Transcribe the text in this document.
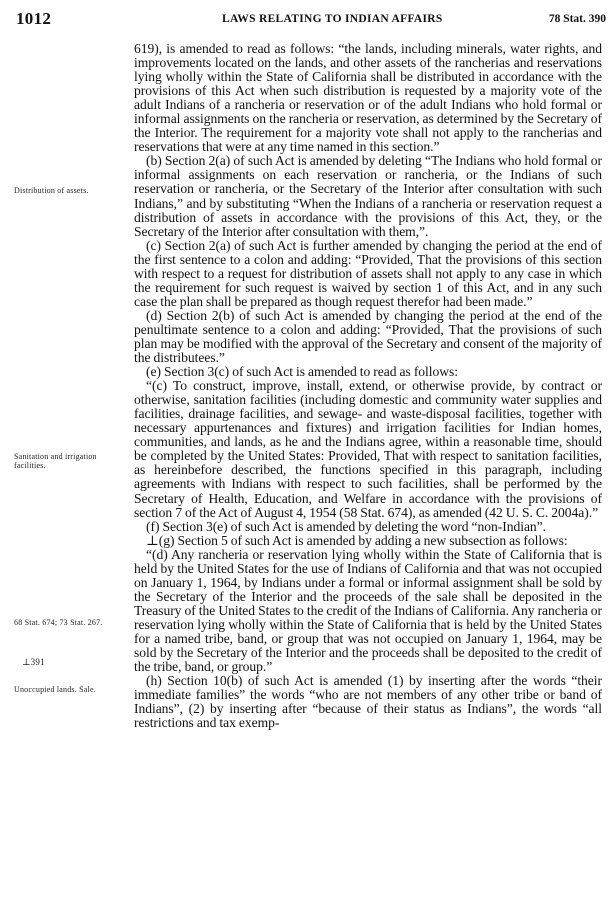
1012	LAWS RELATING TO INDIAN AFFAIRS	78 Stat. 390
Distribution of assets.
Sanitation and irrigation facilities.
68 Stat. 674; 73 Stat. 267.
⊥391
Unoccupied lands. Sale.

619), is amended to read as follows: “the lands, including minerals, water rights, and improvements located on the lands, and other assets of the rancherias and reservations lying wholly within the State of California shall be distributed in accordance with the provisions of this Act when such distribution is requested by a majority vote of the adult Indians of a rancheria or reservation or of the adult Indians who hold formal or informal assignments on the rancheria or reservation, as determined by the Secretary of the Interior. The requirement for a majority vote shall not apply to the rancherias and reservations that were at any time named in this section.”

(b) Section 2(a) of such Act is amended by deleting “The Indians who hold formal or informal assignments on each reservation or rancheria, or the Indians of such reservation or rancheria, or the Secretary of the Interior after consultation with such Indians,” and by substituting “When the Indians of a rancheria or reservation request a distribution of assets in accordance with the provisions of this Act, they, or the Secretary of the Interior after consultation with them,”.

(c) Section 2(a) of such Act is further amended by changing the period at the end of the first sentence to a colon and adding: “Provided, That the provisions of this section with respect to a request for distribution of assets shall not apply to any case in which the requirement for such request is waived by section 1 of this Act, and in any such case the plan shall be prepared as though request therefor had been made.”

(d) Section 2(b) of such Act is amended by changing the period at the end of the penultimate sentence to a colon and adding: “Provided, That the provisions of such plan may be modified with the approval of the Secretary and consent of the majority of the distributees.”

(e) Section 3(c) of such Act is amended to read as follows:

“(c) To construct, improve, install, extend, or otherwise provide, by contract or otherwise, sanitation facilities (including domestic and community water supplies and facilities, drainage facilities, and sewage- and waste-disposal facilities, together with necessary appurtenances and fixtures) and irrigation facilities for Indian homes, communities, and lands, as he and the Indians agree, within a reasonable time, should be completed by the United States: Provided, That with respect to sanitation facilities, as hereinbefore described, the functions specified in this paragraph, including agreements with Indians with respect to such facilities, shall be performed by the Secretary of Health, Education, and Welfare in accordance with the provisions of section 7 of the Act of August 4, 1954 (58 Stat. 674), as amended (42 U. S. C. 2004a).”

(f) Section 3(e) of such Act is amended by deleting the word “non-Indian”.

⊥(g) Section 5 of such Act is amended by adding a new subsection as follows:

“(d) Any rancheria or reservation lying wholly within the State of California that is held by the United States for the use of Indians of California and that was not occupied on January 1, 1964, by Indians under a formal or informal assignment shall be sold by the Secretary of the Interior and the proceeds of the sale shall be deposited in the Treasury of the United States to the credit of the Indians of California. Any rancheria or reservation lying wholly within the State of California that is held by the United States for a named tribe, band, or group that was not occupied on January 1, 1964, may be sold by the Secretary of the Interior and the proceeds shall be deposited to the credit of the tribe, band, or group.”

(h) Section 10(b) of such Act is amended (1) by inserting after the words “their immediate families” the words “who are not members of any other tribe or band of Indians”, (2) by inserting after “because of their status as Indians”, the words “all restrictions and tax exemp-
